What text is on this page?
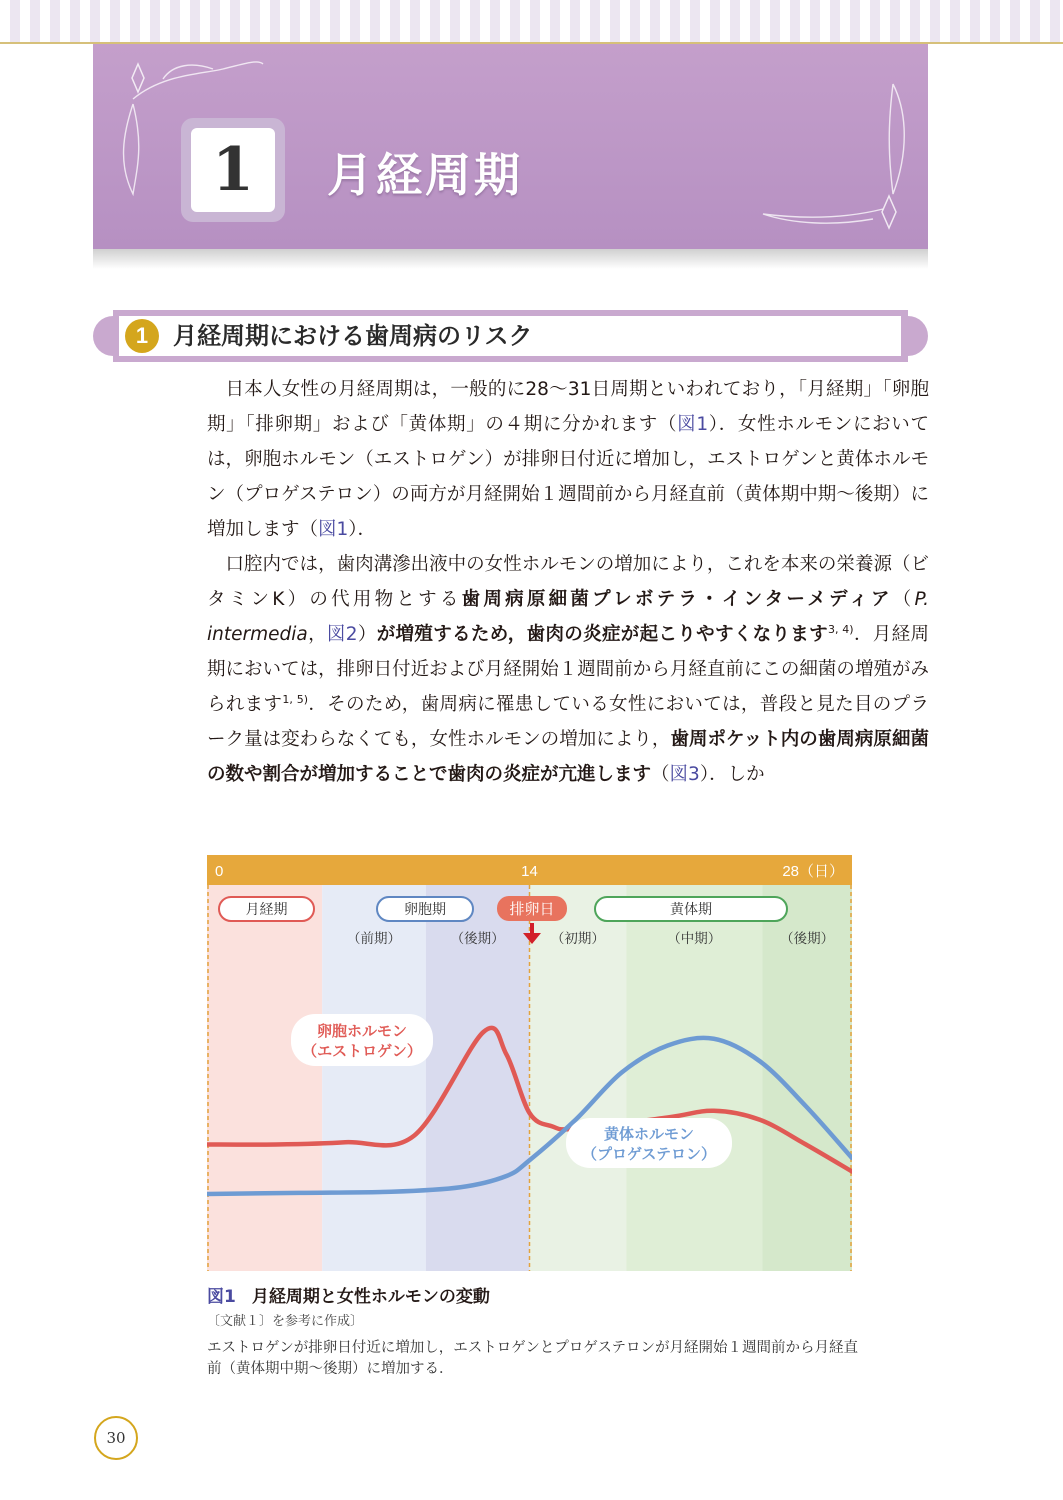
1	月経周期
1	月経周期における歯周病のリスク

日本人女性の月経周期は，一般的に28〜31日周期といわれており，「月経期」「卵胞期」「排卵期」および「黄体期」の４期に分かれます（図1）．女性ホルモンにおいては，卵胞ホルモン（エストロゲン）が排卵日付近に増加し，エストロゲンと黄体ホルモン（プロゲステロン）の両方が月経開始１週間前から月経直前（黄体期中期〜後期）に増加します（図1）．

口腔内では，歯肉溝滲出液中の女性ホルモンの増加により，これを本来の栄養源（ビタミンK）の代用物とする歯周病原細菌プレボテラ・インターメディア（P. intermedia，図2）が増殖するため，歯肉の炎症が起こりやすくなります$^{3, 4)}$．月経周期においては，排卵日付近および月経開始１週間前から月経直前にこの細菌の増殖がみられます$^{1, 5)}$．そのため，歯周病に罹患している女性においては，普段と見た目のプラーク量は変わらなくても，女性ホルモンの増加により，歯周ポケット内の歯周病原細菌の数や割合が増加することで歯肉の炎症が亢進します（図3）．しか

0	14	28（日）
月経期	卵胞期	黄体期
排卵日
（前期）	（後期）	（初期）	（中期）	（後期）
卵胞ホルモン
（エストロゲン）
黄体ホルモン
（プロゲステロン）
図1 月経周期と女性ホルモンの変動
〔文献１〕を参考に作成〕
エストロゲンが排卵日付近に増加し，エストロゲンとプロゲステロンが月経開始１週間前から月経直前（黄体期中期〜後期）に増加する．
30
